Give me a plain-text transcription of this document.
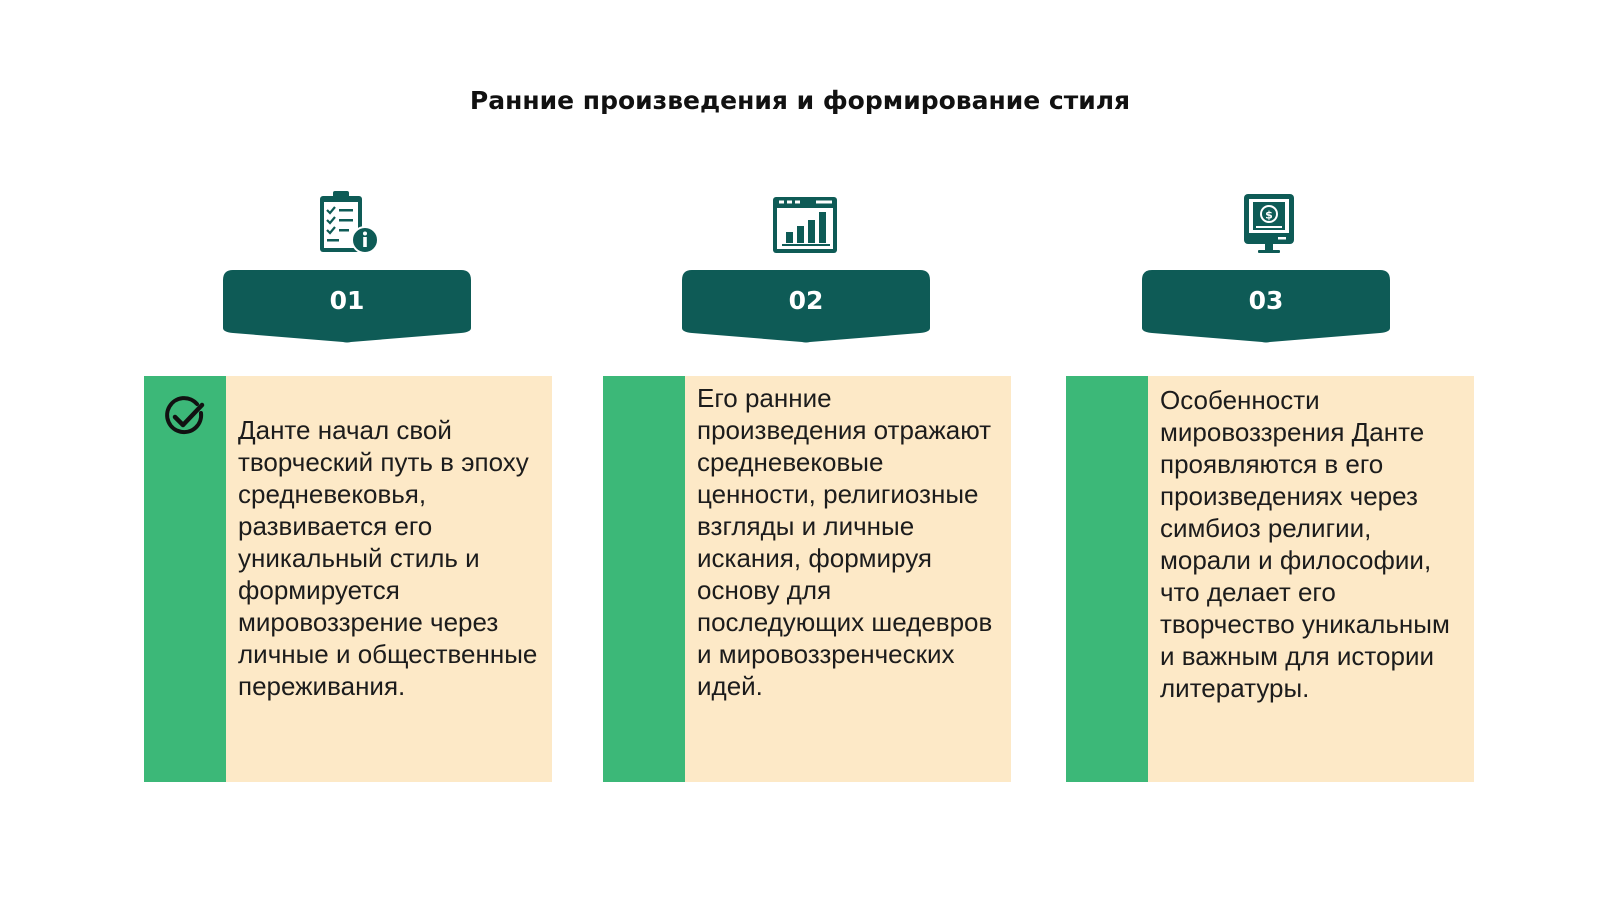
Ранние произведения и формирование стиля
01

Данте начал свой творческий путь в эпоху средневековья, развивается его уникальный стиль и формируется мировоззрение через личные и общественные переживания.

02

Его ранние произведения отражают средневековые ценности, религиозные взгляды и личные искания, формируя основу для последующих шедевров и мировоззренческих идей.

$
03

Особенности мировоззрения Данте проявляются в его произведениях через симбиоз религии, морали и философии, что делает его творчество уникальным и важным для истории литературы.
